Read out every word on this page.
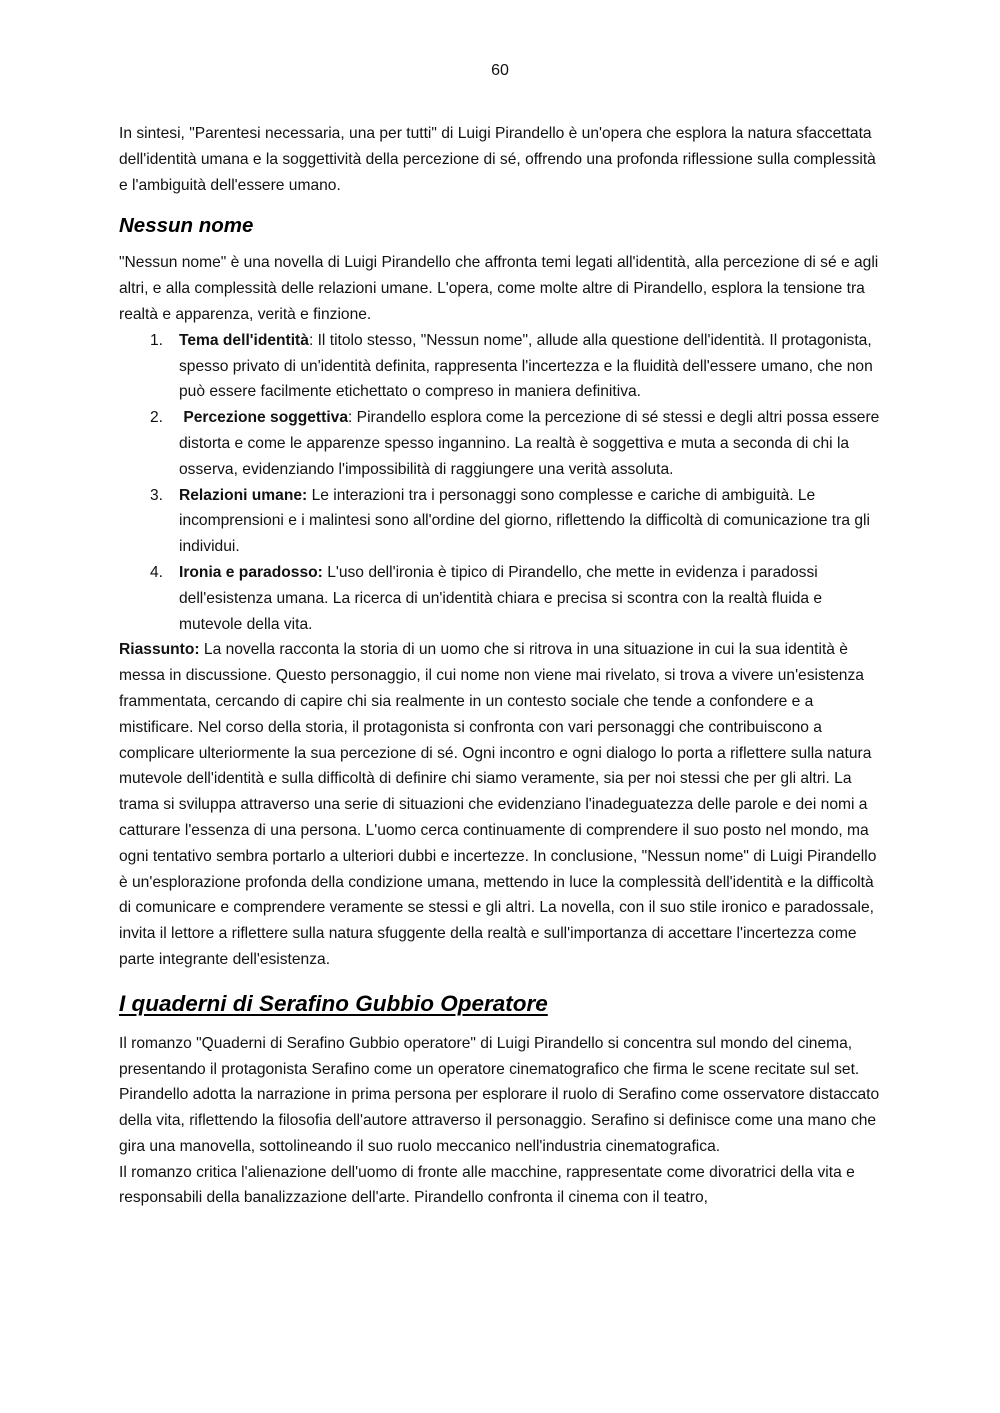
60

In sintesi, "Parentesi necessaria, una per tutti" di Luigi Pirandello è un'opera che esplora la natura sfaccettata dell'identità umana e la soggettività della percezione di sé, offrendo una profonda riflessione sulla complessità e l'ambiguità dell'essere umano.

Nessun nome

"Nessun nome" è una novella di Luigi Pirandello che affronta temi legati all'identità, alla percezione di sé e agli altri, e alla complessità delle relazioni umane. L'opera, come molte altre di Pirandello, esplora la tensione tra realtà e apparenza, verità e finzione.

1. Tema dell'identità: Il titolo stesso, "Nessun nome", allude alla questione dell'identità. Il protagonista, spesso privato di un'identità definita, rappresenta l'incertezza e la fluidità dell'essere umano, che non può essere facilmente etichettato o compreso in maniera definitiva.
2. Percezione soggettiva: Pirandello esplora come la percezione di sé stessi e degli altri possa essere distorta e come le apparenze spesso ingannino. La realtà è soggettiva e muta a seconda di chi la osserva, evidenziando l'impossibilità di raggiungere una verità assoluta.
3. Relazioni umane: Le interazioni tra i personaggi sono complesse e cariche di ambiguità. Le incomprensioni e i malintesi sono all'ordine del giorno, riflettendo la difficoltà di comunicazione tra gli individui.
4. Ironia e paradosso: L'uso dell'ironia è tipico di Pirandello, che mette in evidenza i paradossi dell'esistenza umana. La ricerca di un'identità chiara e precisa si scontra con la realtà fluida e mutevole della vita.

Riassunto: La novella racconta la storia di un uomo che si ritrova in una situazione in cui la sua identità è messa in discussione. Questo personaggio, il cui nome non viene mai rivelato, si trova a vivere un'esistenza frammentata, cercando di capire chi sia realmente in un contesto sociale che tende a confondere e a mistificare. Nel corso della storia, il protagonista si confronta con vari personaggi che contribuiscono a complicare ulteriormente la sua percezione di sé. Ogni incontro e ogni dialogo lo porta a riflettere sulla natura mutevole dell'identità e sulla difficoltà di definire chi siamo veramente, sia per noi stessi che per gli altri. La trama si sviluppa attraverso una serie di situazioni che evidenziano l'inadeguatezza delle parole e dei nomi a catturare l'essenza di una persona. L'uomo cerca continuamente di comprendere il suo posto nel mondo, ma ogni tentativo sembra portarlo a ulteriori dubbi e incertezze. In conclusione, "Nessun nome" di Luigi Pirandello è un'esplorazione profonda della condizione umana, mettendo in luce la complessità dell'identità e la difficoltà di comunicare e comprendere veramente se stessi e gli altri. La novella, con il suo stile ironico e paradossale, invita il lettore a riflettere sulla natura sfuggente della realtà e sull'importanza di accettare l'incertezza come parte integrante dell'esistenza.

I quaderni di Serafino Gubbio Operatore

Il romanzo "Quaderni di Serafino Gubbio operatore" di Luigi Pirandello si concentra sul mondo del cinema, presentando il protagonista Serafino come un operatore cinematografico che firma le scene recitate sul set. Pirandello adotta la narrazione in prima persona per esplorare il ruolo di Serafino come osservatore distaccato della vita, riflettendo la filosofia dell'autore attraverso il personaggio. Serafino si definisce come una mano che gira una manovella, sottolineando il suo ruolo meccanico nell'industria cinematografica.

Il romanzo critica l'alienazione dell'uomo di fronte alle macchine, rappresentate come divoratrici della vita e responsabili della banalizzazione dell'arte. Pirandello confronta il cinema con il teatro,
